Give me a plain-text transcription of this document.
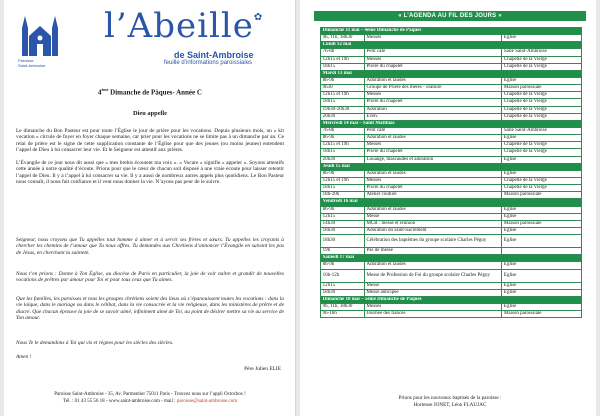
Paroisse
Saint-Ambroise
l’Abeille✿
de Saint-Ambroise
feuille d’informations paroissiales
4ème Dimanche de Pâques- Année C
Dieu appelle

Le dimanche du Bon Pasteur est pour toute l’Église le jour de prière pour les vocations. Depuis plusieurs mois, un « kit vocation » circule de foyer en foyer chaque semaine, car prier pour les vocations ne se limite pas à un dimanche par an. Ce relai de prière est le signe de cette supplication constante de l’Église pour que des jeunes (ou moins jeunes) entendent l’appel de Dieu à lui consacrer leur vie. Et le Seigneur est attentif aux prières.

L’Évangile de ce jour nous dit aussi que « mes brebis écoutent ma voix ». « Vocare » signifie « appeler ». Soyons attentifs cette année à notre qualité d’écoute. Prions pour que le cœur de chacun soit disposé à une vraie écoute pour laisser retentir l’appel de Dieu. Il y a l’appel à lui consacrer sa vie. Il y a aussi de nombreux autres appels plus quotidiens. Le Bon Pasteur nous connaît, il nous fait confiance et il veut nous donner la vie. N’ayons pas peur de le suivre.

Seigneur, nous croyons que Tu appelles tout homme à aimer et à servir ses frères et sœurs. Tu appelles les croyants à chercher les chemins de l’amour que Tu nous offres. Tu demandes aux Chrétiens d’annoncer l’Évangile en suivant les pas de Jésus, en cherchant la sainteté.

Nous t’en prions : Donne à Ton Église, au diocèse de Paris en particulier, la joie de voir naître et grandir de nouvelles vocations de prêtres par amour pour Toi et pour tous ceux que Tu aimes.

Que les familles, les paroisses et tous les groupes chrétiens soient des lieux où s’épanouissent toutes les vocations : dans la vie laïque, dans le mariage ou dans le célibat, dans la vie consacrée et la vie religieuse, dans les ministères de prêtre et de diacre. Que chacun éprouve la joie de se savoir aimé, infiniment aimé de Toi, au point de désirer mettre sa vie au service de Ton amour.

Nous Te le demandons à Toi qui vis et règnes pour les siècles des siècles.

Amen !

Père Julien ELIE
Paroisse Saint-Ambroise - 35, Av. Parmentier 75011 Paris - Trouvez nous sur l’appli Octochos !
Tél. : 01 43 55 56 18 - www.saint-ambroise.com - mail : paroisse@saint-ambroise.com
« L’AGENDA AU FIL DES JOURS »
Dimanche 11 mai – 4ème Dimanche de Pâques		
9h, 11h, 18h30	Messes	Eglise
Lundi 12 mai		
7h-8h	Petit café	Salle Saint-Ambroise
12h15 et 19h	Messes	Chapelle de la Vierge
18h15	Prière du chapelet	Chapelle de la Vierge
Mardi 13 mai		
8h-9h	Adoration et laudes	Eglise
9h30	Groupe de Prière des mères - oratoire	Maison paroissiale
12h15 et 19h	Messes	Chapelle de la Vierge
18h15	Prière du chapelet	Chapelle de la Vierge
19h30-20h30	Adoration	Chapelle de la Vierge
20h30	Even.	Chapelle de la Vierge
Mercredi 14 mai – Saint Matthias		
7h-8h	Petit café	Salle Saint-Ambroise
8h-9h	Adoration et laudes	Eglise
12h15 et 19h	Messes	Chapelle de la Vierge
18h15	Prière du chapelet	Chapelle de la Vierge
20h30	Louange, mascaudes et adoration	Eglise
Jeudi 15 mai		
8h-9h	Adoration et laudes	Eglise
12h15 et 19h	Messes	Chapelle de la Vierge
18h15	Prière du chapelet	Chapelle de la Vierge
18h-20h	Atelier couture	Maison paroissiale
Vendredi 16 mai		
8h-9h	Adoration et laudes	Eglise
12h15	Messe	Eglise
14h30	MCR : messe et réunion	Maison paroissiale
18h30	Adoration du saint-Sacrement	Eglise
18h30	Célébration des baptêmes du groupe scolaire Charles Péguy	Eglise
19h	Pas de messe	
Samedi 17 mai		
8h-9h	Adoration et laudes	Eglise
10h-12h	Messe de Profession de Foi du groupe scolaire Charles Péguy	Eglise
12h15	Messe	Eglise
18h30	Messe anticipée	Eglise
Dimanche 18 mai – 5ème Dimanche de Pâques		
9h, 11h, 18h30	Messes	Eglise
9h-16h	Journée des fiancés	Maison paroissiale
Prions pour les nouveaux baptisés de la paroisse :
Hortense JONET, Léon FLAUJAC
